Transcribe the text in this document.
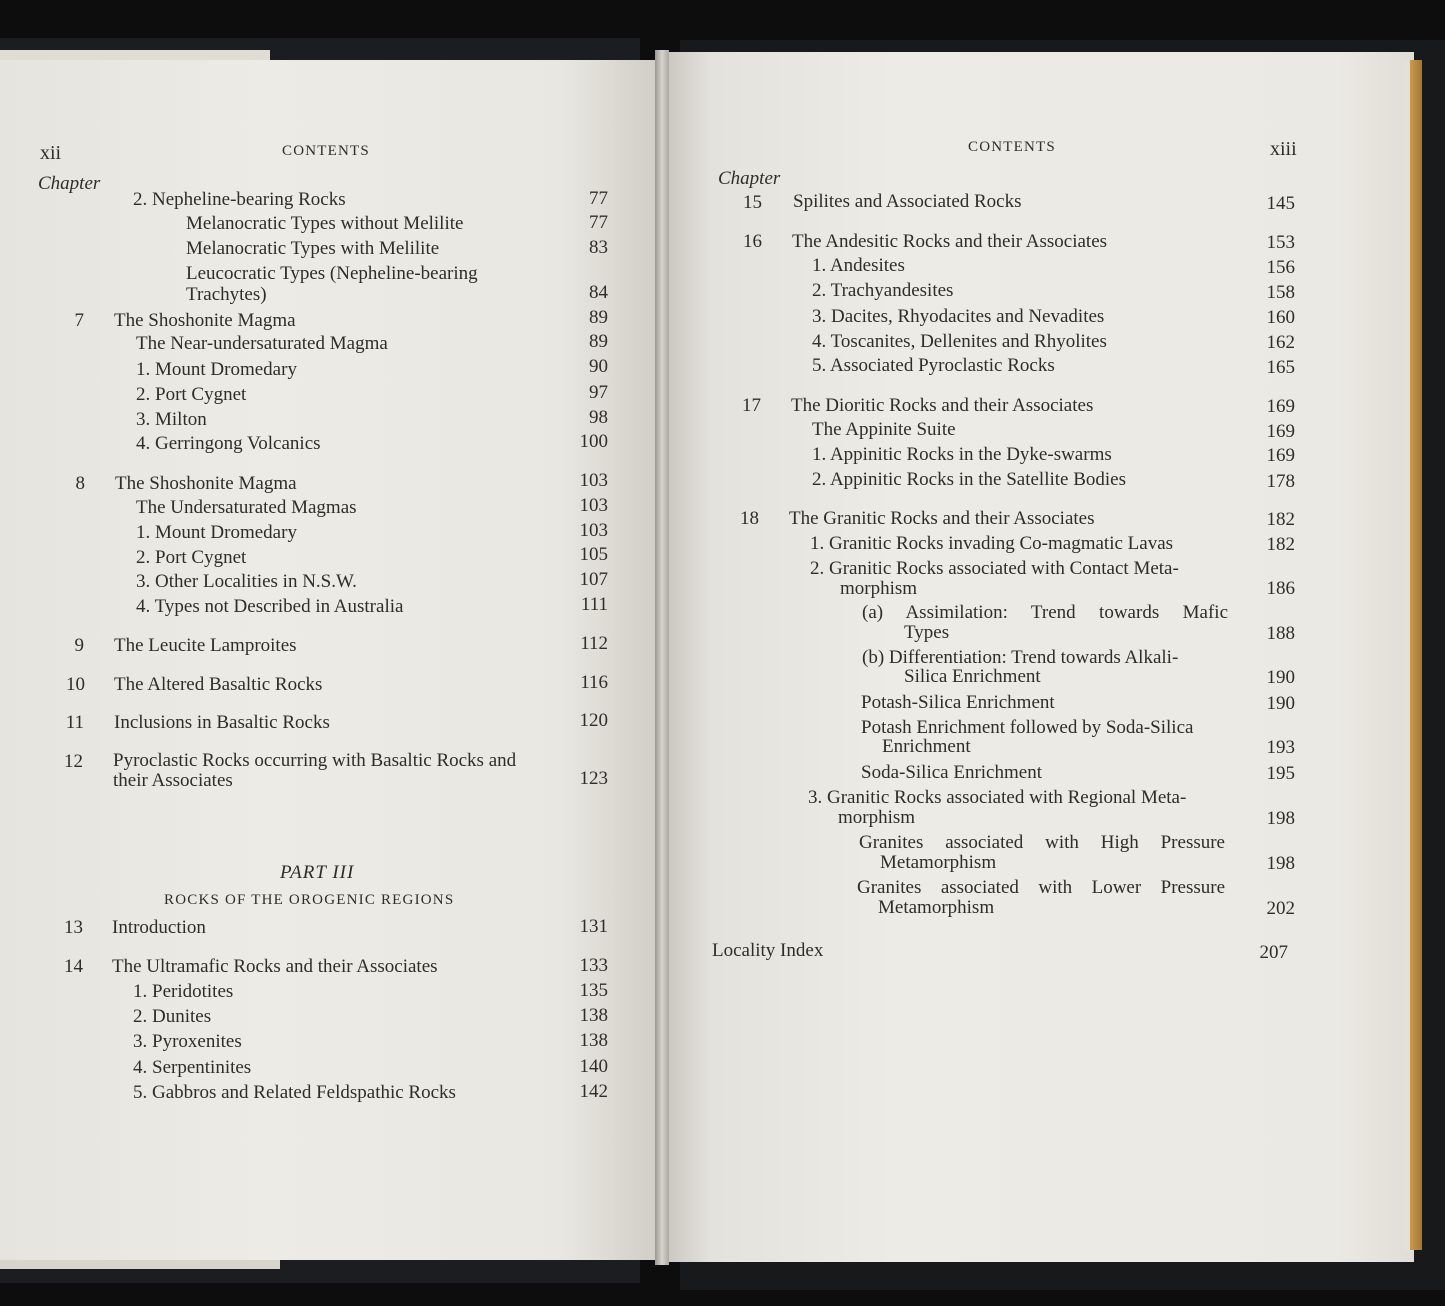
xii	CONTENTS
Chapter
2. Nepheline-bearing Rocks	77
Melanocratic Types without Melilite	77
Melanocratic Types with Melilite	83
Leucocratic Types (Nepheline-bearing
Trachytes)	84
7 The Shoshonite Magma	89
The Near-undersaturated Magma	89
1. Mount Dromedary	90
2. Port Cygnet	97
3. Milton	98
4. Gerringong Volcanics	100
8 The Shoshonite Magma	103
The Undersaturated Magmas	103
1. Mount Dromedary	103
2. Port Cygnet	105
3. Other Localities in N.S.W.	107
4. Types not Described in Australia	111
9 The Leucite Lamproites	112
10 The Altered Basaltic Rocks	116
11 Inclusions in Basaltic Rocks	120
12 Pyroclastic Rocks occurring with Basaltic Rocks and
their Associates	123
PART III
ROCKS OF THE OROGENIC REGIONS
13 Introduction	131
14 The Ultramafic Rocks and their Associates	133
1. Peridotites	135
2. Dunites	138
3. Pyroxenites	138
4. Serpentinites	140
5. Gabbros and Related Feldspathic Rocks	142
CONTENTS	xiii
Chapter
15 Spilites and Associated Rocks	145
16 The Andesitic Rocks and their Associates	153
1. Andesites	156
2. Trachyandesites	158
3. Dacites, Rhyodacites and Nevadites	160
4. Toscanites, Dellenites and Rhyolites	162
5. Associated Pyroclastic Rocks	165
17 The Dioritic Rocks and their Associates	169
The Appinite Suite	169
1. Appinitic Rocks in the Dyke-swarms	169
2. Appinitic Rocks in the Satellite Bodies	178
18 The Granitic Rocks and their Associates	182
1. Granitic Rocks invading Co-magmatic Lavas	182
2. Granitic Rocks associated with Contact Meta-
morphism	186
(a) Assimilation: Trend towards Mafic
Types	188
(b) Differentiation: Trend towards Alkali-
Silica Enrichment	190
Potash-Silica Enrichment	190
Potash Enrichment followed by Soda-Silica
Enrichment	193
Soda-Silica Enrichment	195
3. Granitic Rocks associated with Regional Meta-
morphism	198
Granites associated with High Pressure
Metamorphism	198
Granites associated with Lower Pressure
Metamorphism	202
Locality Index	207
